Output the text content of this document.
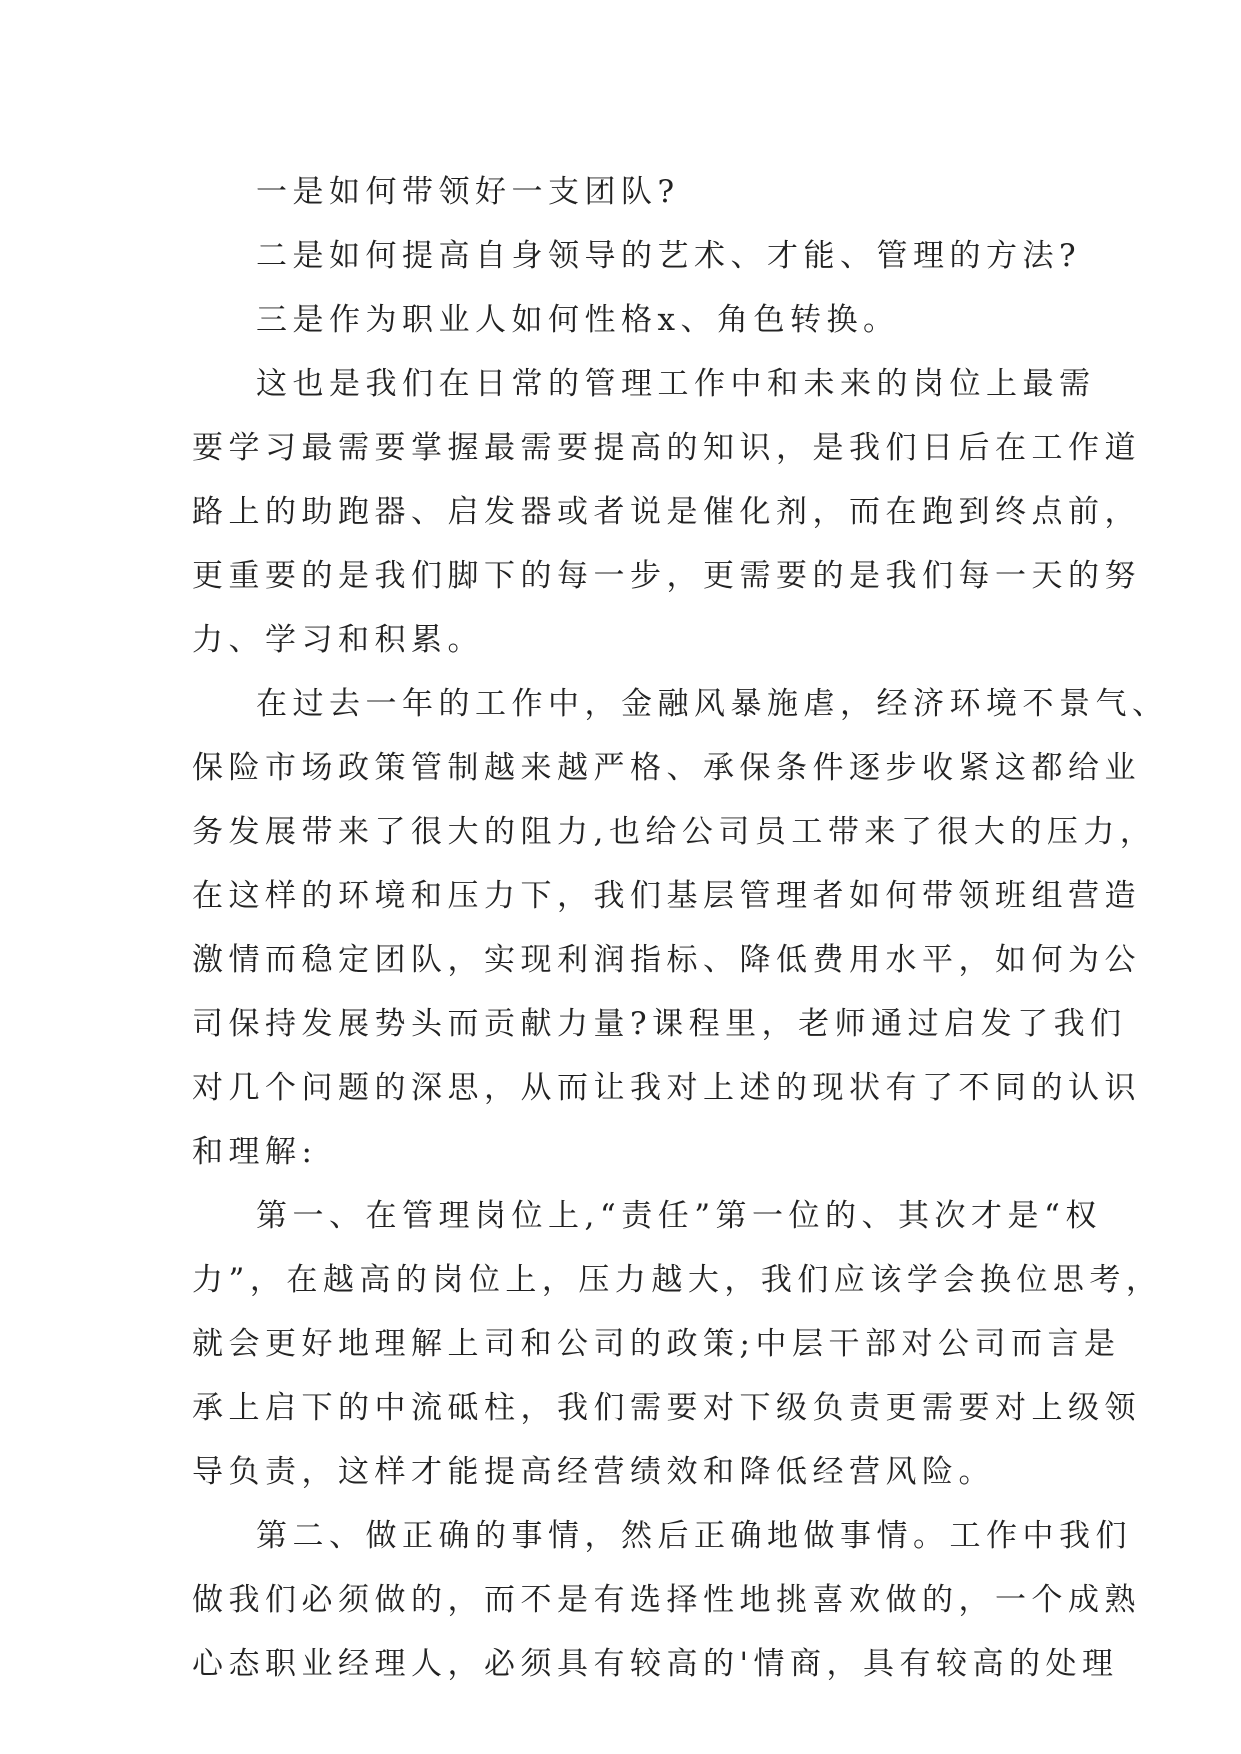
一是如何带领好一支团队?
二是如何提高自身领导的艺术、才能、管理的方法?
三是作为职业人如何性格x、角色转换。
这也是我们在日常的管理工作中和未来的岗位上最需
要学习最需要掌握最需要提高的知识，是我们日后在工作道
路上的助跑器、启发器或者说是催化剂，而在跑到终点前，
更重要的是我们脚下的每一步，更需要的是我们每一天的努
力、学习和积累。
在过去一年的工作中，金融风暴施虐，经济环境不景气、
保险市场政策管制越来越严格、承保条件逐步收紧这都给业
务发展带来了很大的阻力,也给公司员工带来了很大的压力，
在这样的环境和压力下，我们基层管理者如何带领班组营造
激情而稳定团队，实现利润指标、降低费用水平，如何为公
司保持发展势头而贡献力量?课程里，老师通过启发了我们
对几个问题的深思，从而让我对上述的现状有了不同的认识
和理解:
第一、在管理岗位上,“责任”第一位的、其次才是“权
力”，在越高的岗位上，压力越大，我们应该学会换位思考，
就会更好地理解上司和公司的政策;中层干部对公司而言是
承上启下的中流砥柱，我们需要对下级负责更需要对上级领
导负责，这样才能提高经营绩效和降低经营风险。
第二、做正确的事情，然后正确地做事情。工作中我们
做我们必须做的，而不是有选择性地挑喜欢做的，一个成熟
心态职业经理人，必须具有较高的'情商，具有较高的处理
